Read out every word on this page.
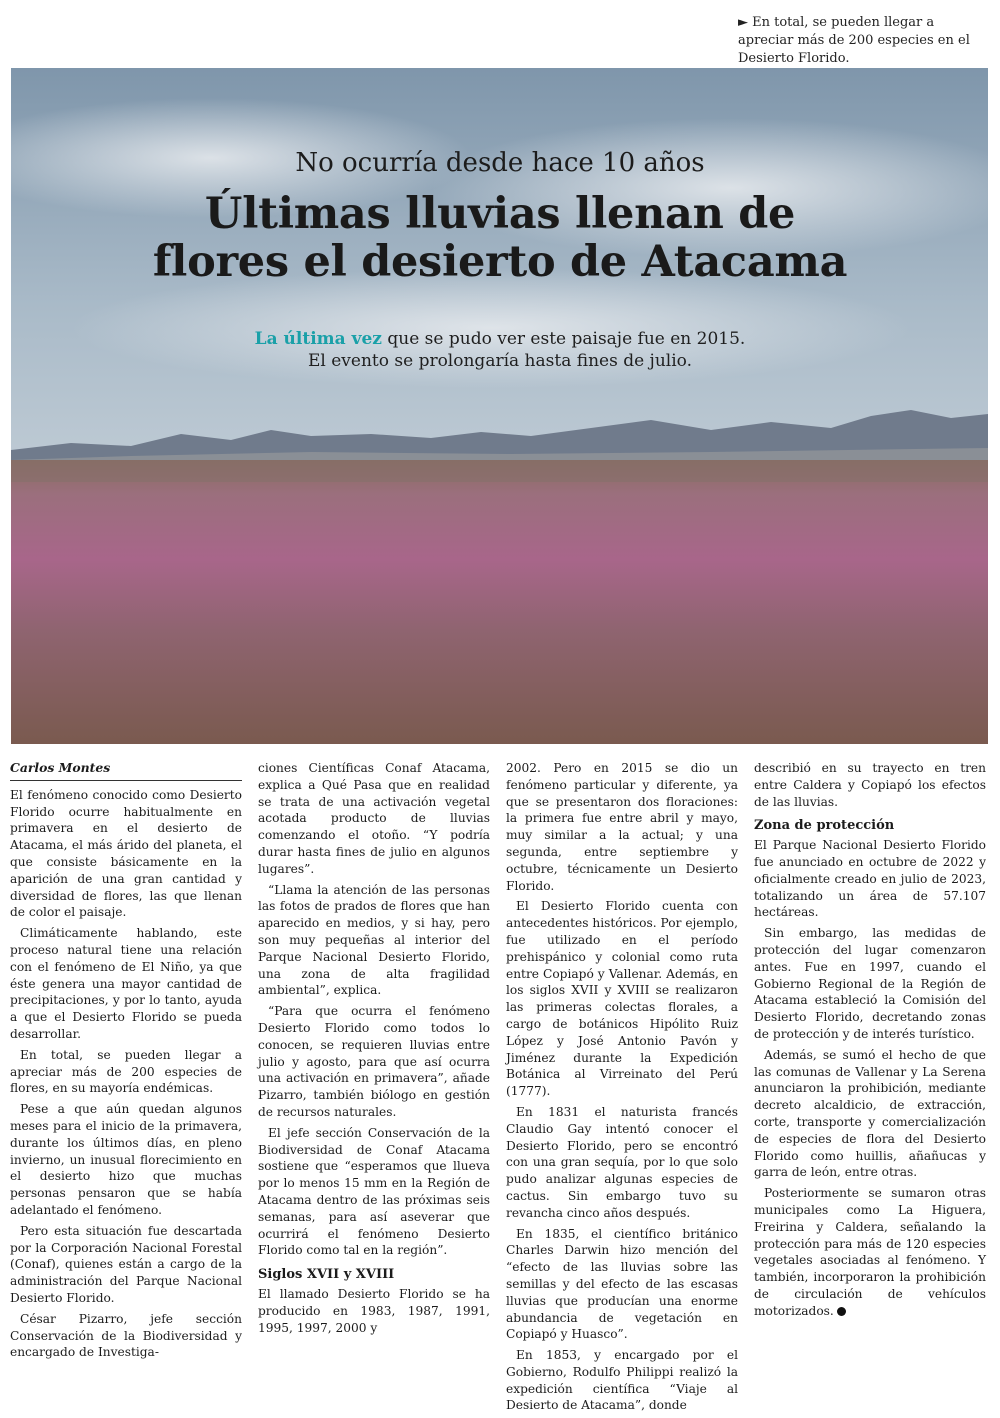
► En total, se pueden llegar a apreciar más de 200 especies en el Desierto Florido.
No ocurría desde hace 10 años
Últimas lluvias llenan de
flores el desierto de Atacama
La última vez que se pudo ver este paisaje fue en 2015.
El evento se prolongaría hasta fines de julio.
Carlos Montes

El fenómeno conocido como Desierto Florido ocurre habitualmente en primavera en el desierto de Atacama, el más árido del planeta, el que consiste básicamente en la aparición de una gran cantidad y diversidad de flores, las que llenan de color el paisaje.

Climáticamente hablando, este proceso natural tiene una relación con el fenómeno de El Niño, ya que éste genera una mayor cantidad de precipitaciones, y por lo tanto, ayuda a que el Desierto Florido se pueda desarrollar.

En total, se pueden llegar a apreciar más de 200 especies de flores, en su mayoría endémicas.

Pese a que aún quedan algunos meses para el inicio de la primavera, durante los últimos días, en pleno invierno, un inusual florecimiento en el desierto hizo que muchas personas pensaron que se había adelantado el fenómeno.

Pero esta situación fue descartada por la Corporación Nacional Forestal (Conaf), quienes están a cargo de la administración del Parque Nacional Desierto Florido.

César Pizarro, jefe sección Conservación de la Biodiversidad y encargado de Investiga-

ciones Científicas Conaf Atacama, explica a Qué Pasa que en realidad se trata de una activación vegetal acotada producto de lluvias comenzando el otoño. “Y podría durar hasta fines de julio en algunos lugares”.

“Llama la atención de las personas las fotos de prados de flores que han aparecido en medios, y si hay, pero son muy pequeñas al interior del Parque Nacional Desierto Florido, una zona de alta fragilidad ambiental”, explica.

“Para que ocurra el fenómeno Desierto Florido como todos lo conocen, se requieren lluvias entre julio y agosto, para que así ocurra una activación en primavera”, añade Pizarro, también biólogo en gestión de recursos naturales.

El jefe sección Conservación de la Biodiversidad de Conaf Atacama sostiene que “esperamos que llueva por lo menos 15 mm en la Región de Atacama dentro de las próximas seis semanas, para así aseverar que ocurrirá el fenómeno Desierto Florido como tal en la región”.

Siglos XVII y XVIII

El llamado Desierto Florido se ha producido en 1983, 1987, 1991, 1995, 1997, 2000 y

2002. Pero en 2015 se dio un fenómeno particular y diferente, ya que se presentaron dos floraciones: la primera fue entre abril y mayo, muy similar a la actual; y una segunda, entre septiembre y octubre, técnicamente un Desierto Florido.

El Desierto Florido cuenta con antecedentes históricos. Por ejemplo, fue utilizado en el período prehispánico y colonial como ruta entre Copiapó y Vallenar. Además, en los siglos XVII y XVIII se realizaron las primeras colectas florales, a cargo de botánicos Hipólito Ruiz López y José Antonio Pavón y Jiménez durante la Expedición Botánica al Virreinato del Perú (1777).

En 1831 el naturista francés Claudio Gay intentó conocer el Desierto Florido, pero se encontró con una gran sequía, por lo que solo pudo analizar algunas especies de cactus. Sin embargo tuvo su revancha cinco años después.

En 1835, el científico británico Charles Darwin hizo mención del “efecto de las lluvias sobre las semillas y del efecto de las escasas lluvias que producían una enorme abundancia de vegetación en Copiapó y Huasco”.

En 1853, y encargado por el Gobierno, Rodulfo Philippi realizó la expedición científica “Viaje al Desierto de Atacama”, donde

describió en su trayecto en tren entre Caldera y Copiapó los efectos de las lluvias.

Zona de protección

El Parque Nacional Desierto Florido fue anunciado en octubre de 2022 y oficialmente creado en julio de 2023, totalizando un área de 57.107 hectáreas.

Sin embargo, las medidas de protección del lugar comenzaron antes. Fue en 1997, cuando el Gobierno Regional de la Región de Atacama estableció la Comisión del Desierto Florido, decretando zonas de protección y de interés turístico.

Además, se sumó el hecho de que las comunas de Vallenar y La Serena anunciaron la prohibición, mediante decreto alcaldicio, de extracción, corte, transporte y comercialización de especies de flora del Desierto Florido como huillis, añañucas y garra de león, entre otras.

Posteriormente se sumaron otras municipales como La Higuera, Freirina y Caldera, señalando la protección para más de 120 especies vegetales asociadas al fenómeno. Y también, incorporaron la prohibición de circulación de vehículos motorizados.
